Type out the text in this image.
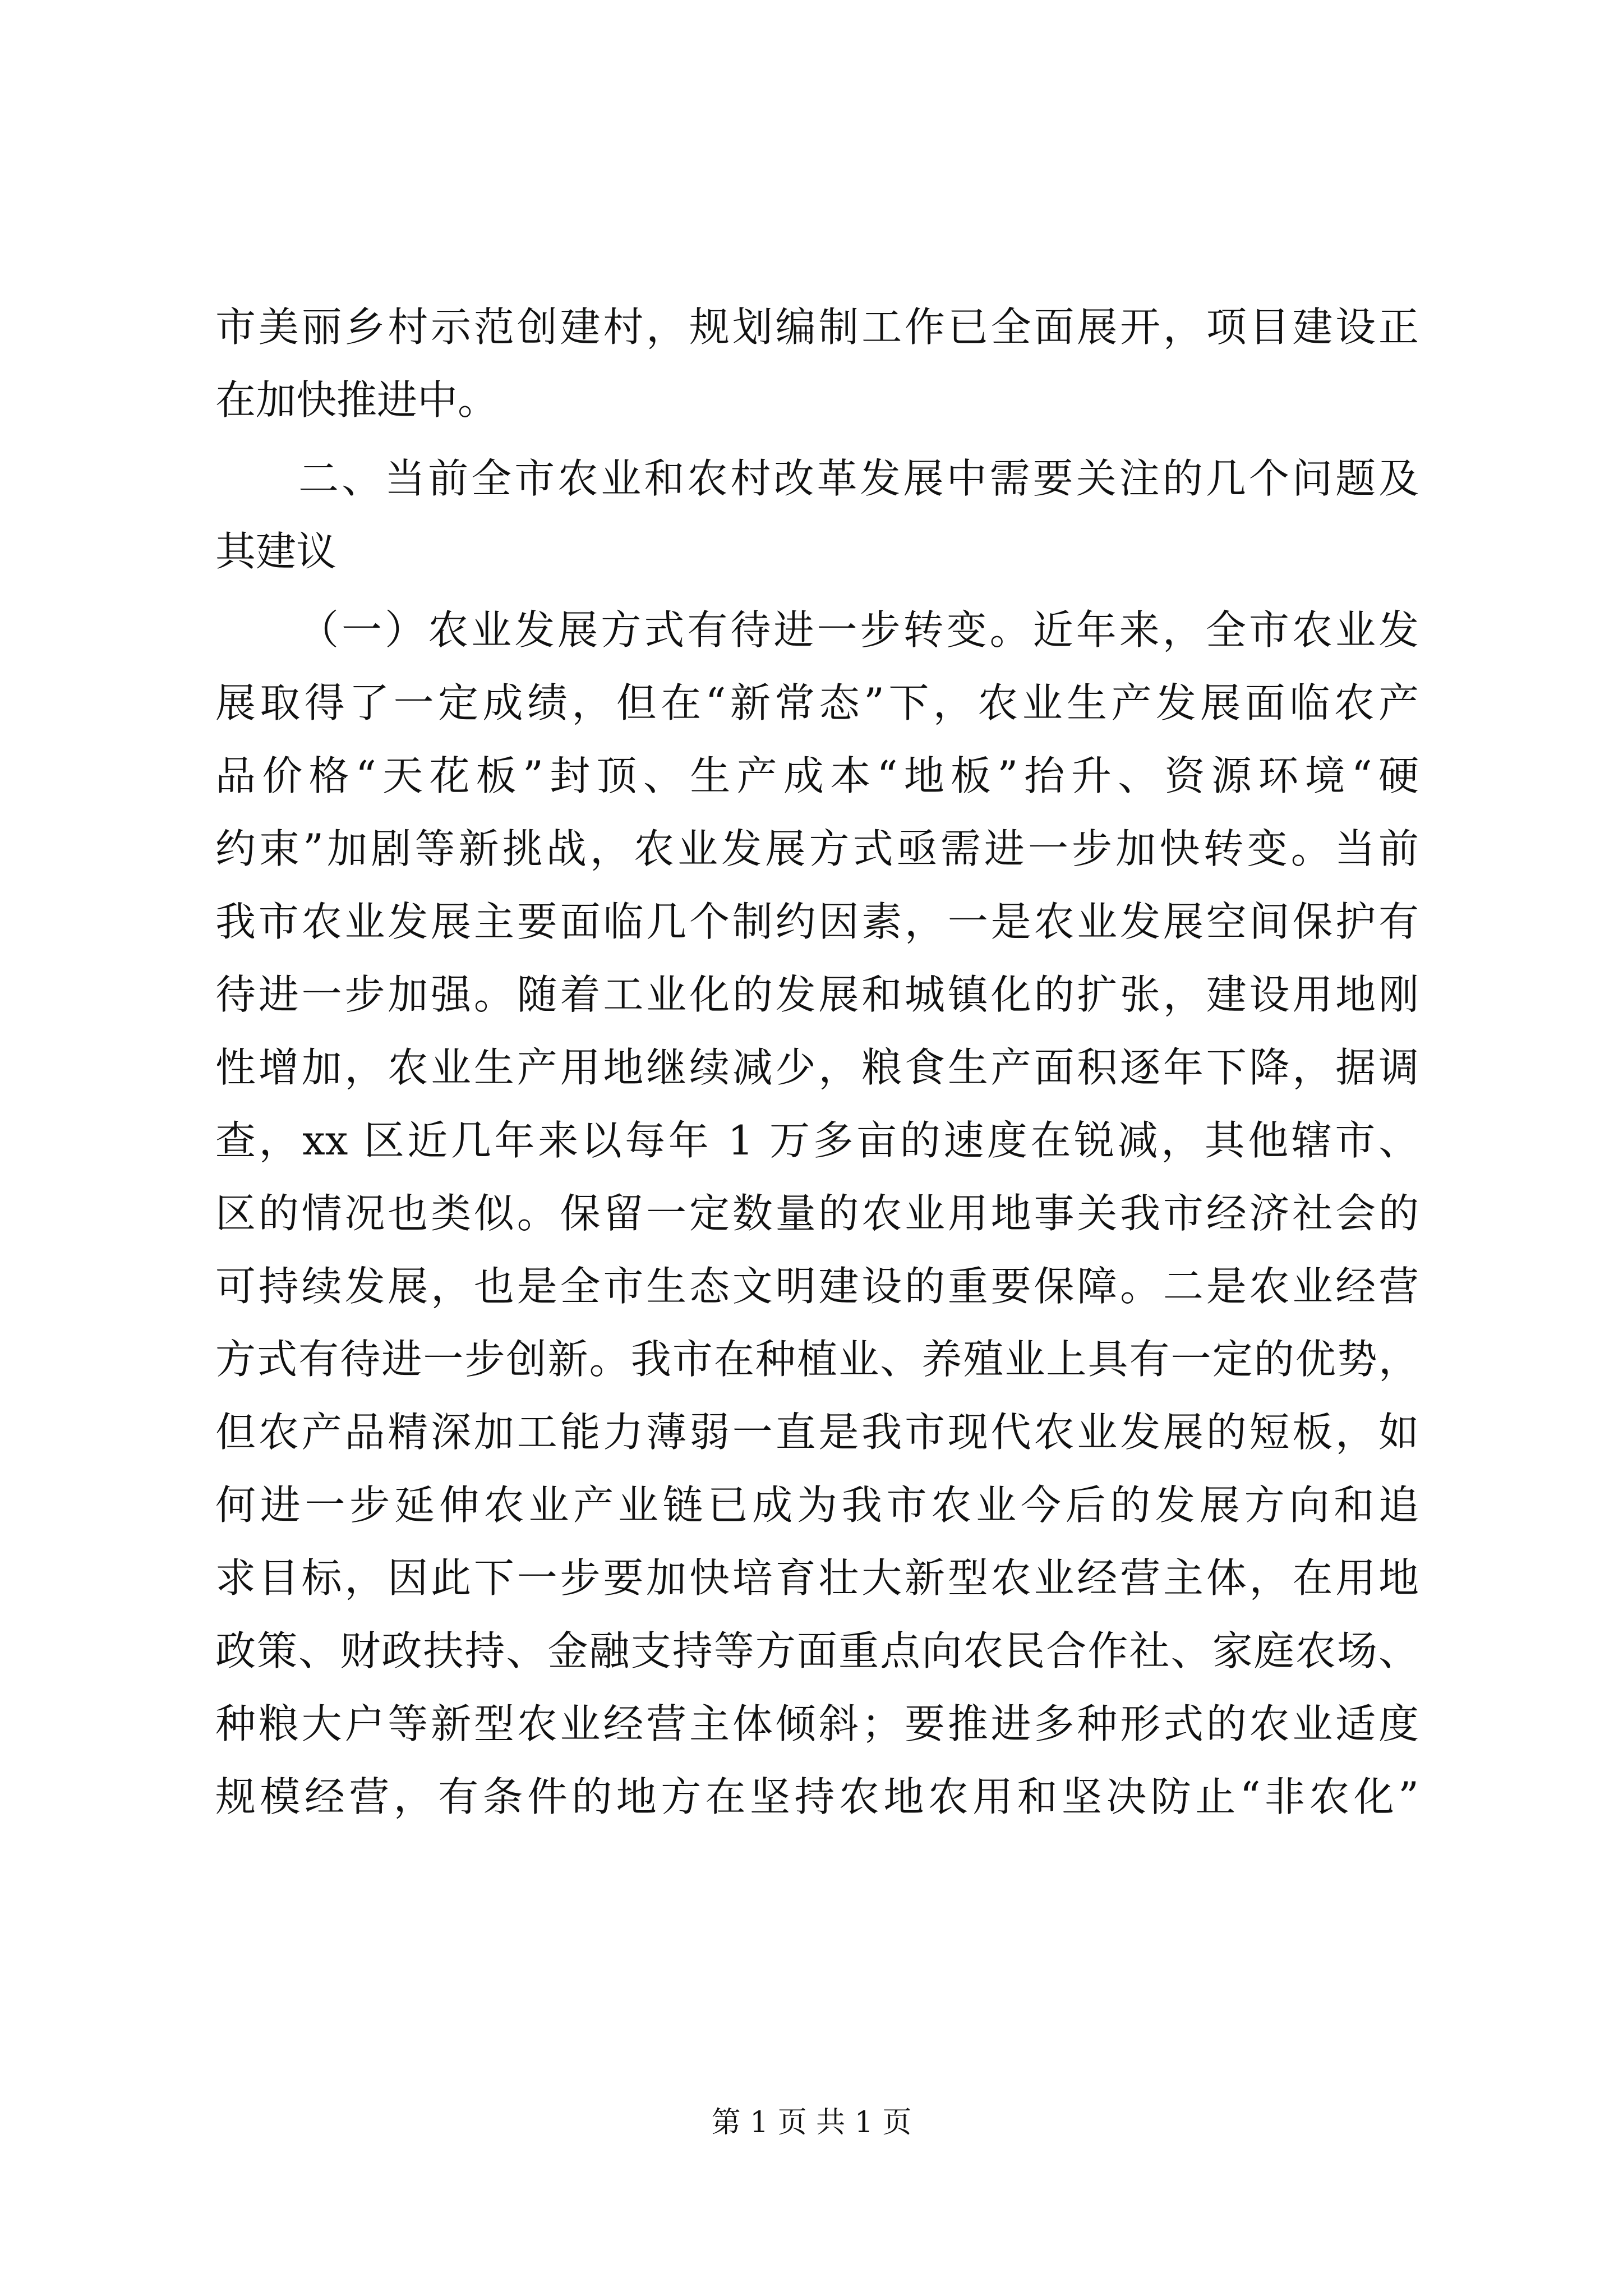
市美丽乡村示范创建村，规划编制工作已全面展开，项目建设正
在加快推进中。
二、当前全市农业和农村改革发展中需要关注的几个问题及
其建议
（一）农业发展方式有待进一步转变。近年来，全市农业发
展取得了一定成绩，但在“新常态”下，农业生产发展面临农产
品价格“天花板”封顶、生产成本“地板”抬升、资源环境“硬
约束”加剧等新挑战，农业发展方式亟需进一步加快转变。当前
我市农业发展主要面临几个制约因素，一是农业发展空间保护有
待进一步加强。随着工业化的发展和城镇化的扩张，建设用地刚
性增加，农业生产用地继续减少，粮食生产面积逐年下降，据调
查，xx 区近几年来以每年 1 万多亩的速度在锐减，其他辖市、
区的情况也类似。保留一定数量的农业用地事关我市经济社会的
可持续发展，也是全市生态文明建设的重要保障。二是农业经营
方式有待进一步创新。我市在种植业、养殖业上具有一定的优势，
但农产品精深加工能力薄弱一直是我市现代农业发展的短板，如
何进一步延伸农业产业链已成为我市农业今后的发展方向和追
求目标，因此下一步要加快培育壮大新型农业经营主体，在用地
政策、财政扶持、金融支持等方面重点向农民合作社、家庭农场、
种粮大户等新型农业经营主体倾斜；要推进多种形式的农业适度
规模经营，有条件的地方在坚持农地农用和坚决防止“非农化”
第 1 页 共 1 页
